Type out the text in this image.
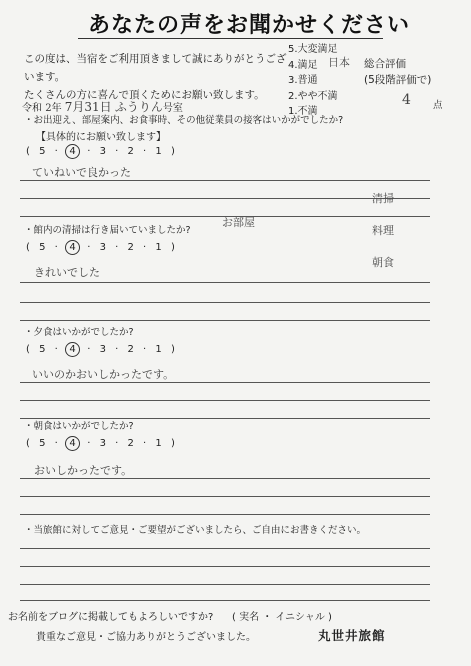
あなたの声をお聞かせください
この度は、当宿をご利用頂きまして誠にありがとうございます。
たくさんの方に喜んで頂くためにお願い致します。
5.大変満足
4.満足
3.普通
2.やや不満
1.不満
日本 総合評価
(5段階評価で)
4 点
令和 2年 7月31日 ふうりん号室
・お出迎え、部屋案内、お食事時、その他従業員の接客はいかがでしたか?
【具体的にお願い致します】
( 5 · 4 · 3 · 2 · 1 )
ていねいで良かった
・館内の清掃は行き届いていましたか?
( 5 · 4 · 3 · 2 · 1 )
きれいでした
・夕食はいかがでしたか?
( 5 · 4 · 3 · 2 · 1 )
いいのかおいしかったです。
・朝食はいかがでしたか?
( 5 · 4 · 3 · 2 · 1 )
おいしかったです。
・当旅館に対してご意見・ご要望がございましたら、ご自由にお書きください。
お部屋
清掃
料理
朝食
お名前をブログに掲載してもよろしいですか? ( 実名 ・ イニシャル )
貴重なご意見・ご協力ありがとうございました。	丸世井旅館
